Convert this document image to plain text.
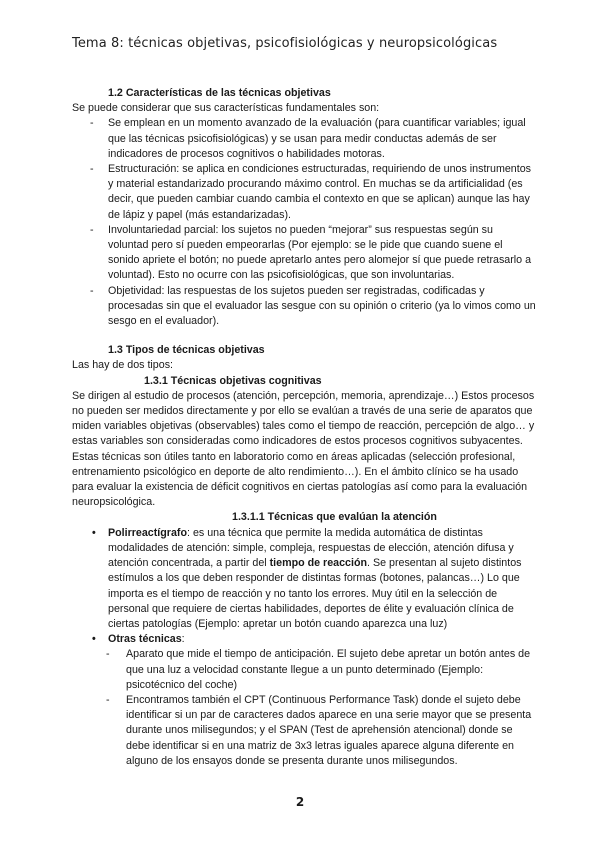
Tema 8: técnicas objetivas, psicofisiológicas y neuropsicológicas

1.2 Características de las técnicas objetivas

Se puede considerar que sus características fundamentales son:

- Se emplean en un momento avanzado de la evaluación (para cuantificar variables; igual que las técnicas psicofisiológicas) y se usan para medir conductas además de ser indicadores de procesos cognitivos o habilidades motoras.
- Estructuración: se aplica en condiciones estructuradas, requiriendo de unos instrumentos y material estandarizado procurando máximo control. En muchas se da artificialidad (es decir, que pueden cambiar cuando cambia el contexto en que se aplican) aunque las hay de lápiz y papel (más estandarizadas).
- Involuntariedad parcial: los sujetos no pueden “mejorar” sus respuestas según su voluntad pero sí pueden empeorarlas (Por ejemplo: se le pide que cuando suene el sonido apriete el botón; no puede apretarlo antes pero alomejor sí que puede retrasarlo a voluntad). Esto no ocurre con las psicofisiológicas, que son involuntarias.
- Objetividad: las respuestas de los sujetos pueden ser registradas, codificadas y procesadas sin que el evaluador las sesgue con su opinión o criterio (ya lo vimos como un sesgo en el evaluador).

1.3 Tipos de técnicas objetivas

Las hay de dos tipos:

1.3.1 Técnicas objetivas cognitivas

Se dirigen al estudio de procesos (atención, percepción, memoria, aprendizaje…) Estos procesos no pueden ser medidos directamente y por ello se evalúan a través de una serie de aparatos que miden variables objetivas (observables) tales como el tiempo de reacción, percepción de algo… y estas variables son consideradas como indicadores de estos procesos cognitivos subyacentes. Estas técnicas son útiles tanto en laboratorio como en áreas aplicadas (selección profesional, entrenamiento psicológico en deporte de alto rendimiento…). En el ámbito clínico se ha usado para evaluar la existencia de déficit cognitivos en ciertas patologías así como para la evaluación neuropsicológica.

1.3.1.1 Técnicas que evalúan la atención

• Polirreactígrafo: es una técnica que permite la medida automática de distintas modalidades de atención: simple, compleja, respuestas de elección, atención difusa y atención concentrada, a partir del tiempo de reacción. Se presentan al sujeto distintos estímulos a los que deben responder de distintas formas (botones, palancas…) Lo que importa es el tiempo de reacción y no tanto los errores. Muy útil en la selección de personal que requiere de ciertas habilidades, deportes de élite y evaluación clínica de ciertas patologías (Ejemplo: apretar un botón cuando aparezca una luz)
• Otras técnicas:
- Aparato que mide el tiempo de anticipación. El sujeto debe apretar un botón antes de que una luz a velocidad constante llegue a un punto determinado (Ejemplo: psicotécnico del coche)
- Encontramos también el CPT (Continuous Performance Task) donde el sujeto debe identificar si un par de caracteres dados aparece en una serie mayor que se presenta durante unos milisegundos; y el SPAN (Test de aprehensión atencional) donde se debe identificar si en una matriz de 3x3 letras iguales aparece alguna diferente en alguno de los ensayos donde se presenta durante unos milisegundos.
2
